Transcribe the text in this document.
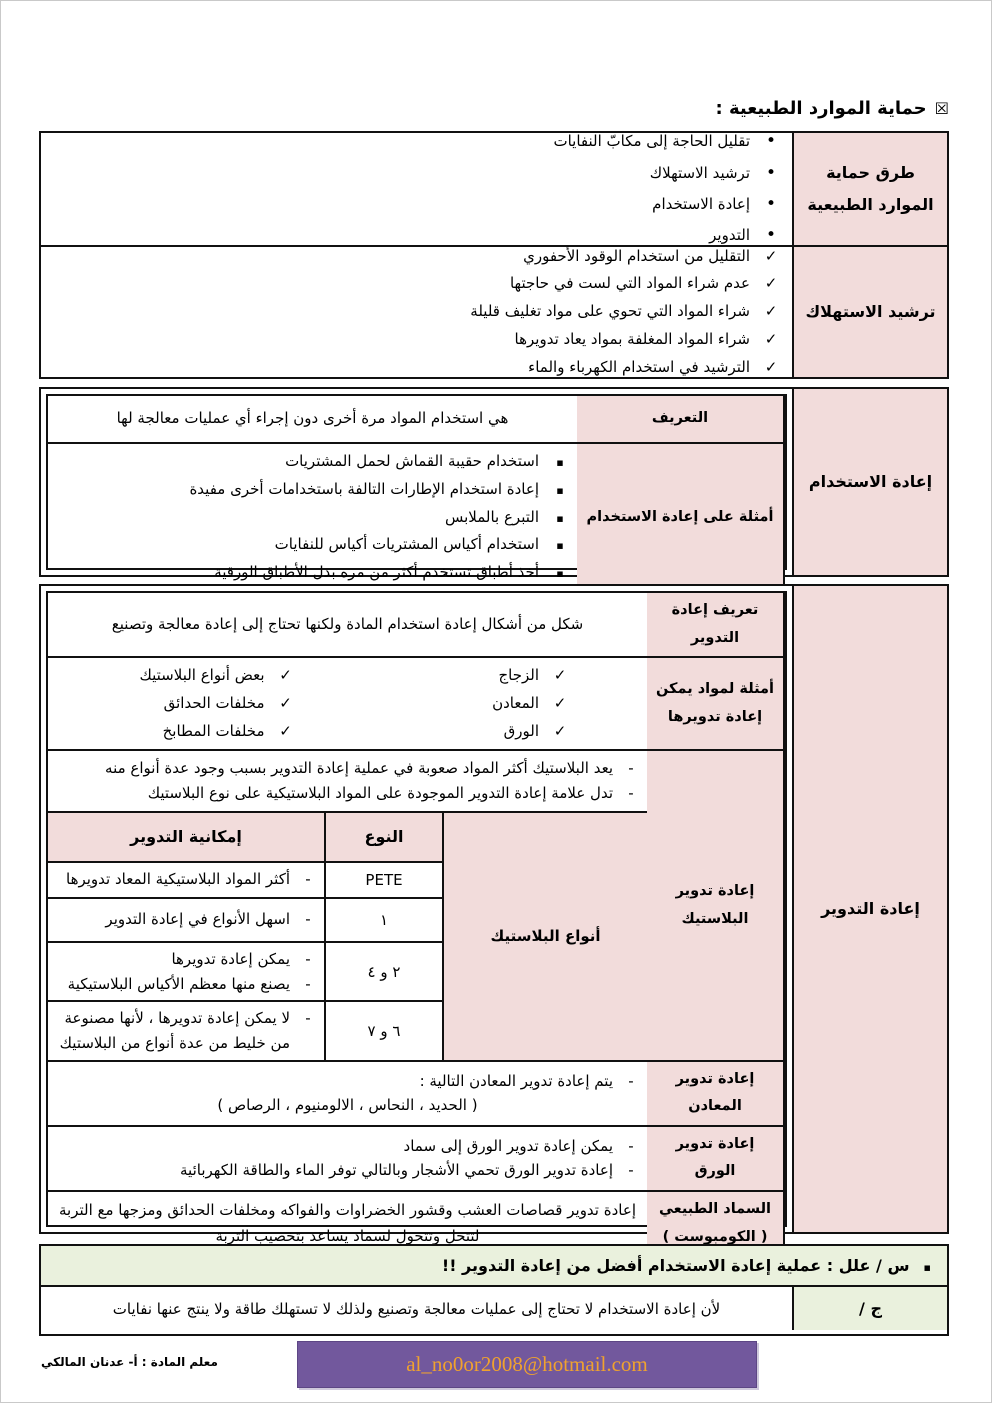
☒
حماية الموارد الطبيعية :
طرق حماية الموارد الطبيعية
•
تقليل الحاجة إلى مكابّ النفايات
•
ترشيد الاستهلاك
•
إعادة الاستخدام
•
التدوير
ترشيد الاستهلاك
✓
التقليل من استخدام الوقود الأحفوري
✓
عدم شراء المواد التي لست في حاجتها
✓
شراء المواد التي تحوي على مواد تغليف قليلة
✓
شراء المواد المغلفة بمواد يعاد تدويرها
✓
الترشيد في استخدام الكهرباء والماء
إعادة الاستخدام
التعريف
هي استخدام المواد مرة أخرى دون إجراء أي عمليات معالجة لها
أمثلة على إعادة الاستخدام
▪
استخدام حقيبة القماش لحمل المشتريات
▪
إعادة استخدام الإطارات التالفة باستخدامات أخرى مفيدة
▪
التبرع بالملابس
▪
استخدام أكياس المشتريات أكياس للنفايات
▪
أخذ أطباق تستخدم أكثر من مره بدل الأطباق الورقية
إعادة التدوير
تعريف إعادة التدوير
شكل من أشكال إعادة استخدام المادة ولكنها تحتاج إلى إعادة معالجة وتصنيع
أمثلة لمواد يمكن إعادة تدويرها
✓
الزجاج
✓
المعادن
✓
الورق
✓
بعض أنواع البلاستيك
✓
مخلفات الحدائق
✓
مخلفات المطابخ
إعادة تدوير البلاستيك
-
يعد البلاستيك أكثر المواد صعوبة في عملية إعادة التدوير بسبب وجود عدة أنواع منه
-
تدل علامة إعادة التدوير الموجودة على المواد البلاستيكية على نوع البلاستيك
أنواع البلاستيك
النوع
إمكانية التدوير
PETE
-
أكثر المواد البلاستيكية المعاد تدويرها
١
-
اسهل الأنواع في إعادة التدوير
٢ و ٤
-
يمكن إعادة تدويرها
-
يصنع منها معظم الأكياس البلاستيكية
٦ و ٧
-
لا يمكن إعادة تدويرها ، لأنها مصنوعة من خليط من عدة أنواع من البلاستيك
إعادة تدوير المعادن
-
يتم إعادة تدوير المعادن التالية :
( الحديد ، النحاس ، الالومنيوم ، الرصاص )
إعادة تدوير الورق
-
يمكن إعادة تدوير الورق إلى سماد
-
إعادة تدوير الورق تحمي الأشجار وبالتالي توفر الماء والطاقة الكهربائية
السماد الطبيعي
( الكومبوست )
إعادة تدوير قصاصات العشب وقشور الخضراوات والفواكه ومخلفات الحدائق ومزجها مع التربة لتتحل وتتحول لسماد يساعد بتخصيب التربة
▪
س / علل : عملية إعادة الاستخدام أفضل من إعادة التدوير !!
ج /
لأن إعادة الاستخدام لا تحتاج إلى عمليات معالجة وتصنيع ولذلك لا تستهلك طاقة ولا ينتج عنها نفايات
معلم المادة : أ- عدنان المالكي	al_no0or2008@hotmail.com
